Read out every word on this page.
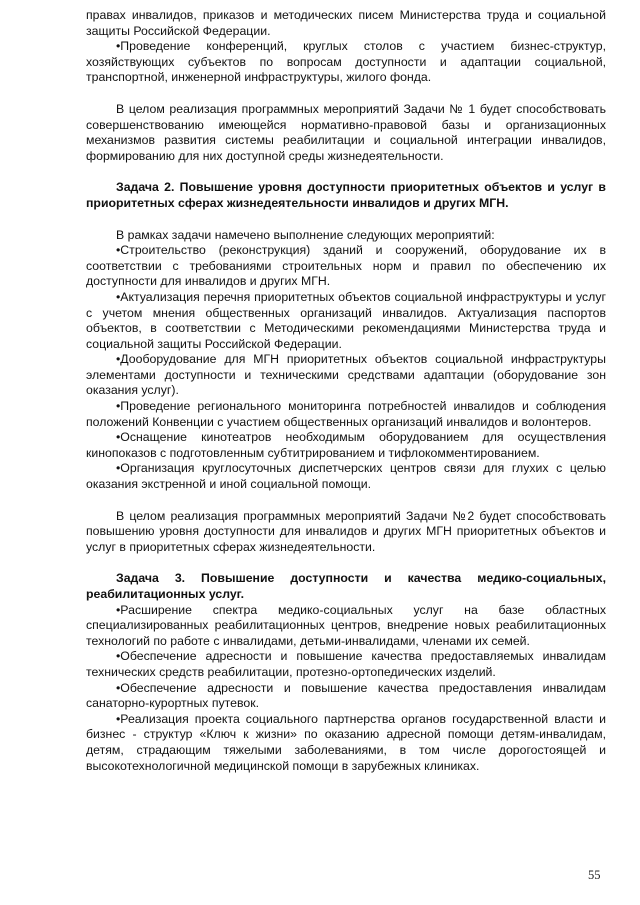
правах инвалидов, приказов и методических писем Министерства труда и социальной защиты Российской Федерации.

•Проведение конференций, круглых столов с участием бизнес-структур, хозяйствующих субъектов по вопросам доступности и адаптации социальной, транспортной, инженерной инфраструктуры, жилого фонда.

В целом реализация программных мероприятий Задачи № 1 будет способствовать совершенствованию имеющейся нормативно-правовой базы и организационных механизмов развития системы реабилитации и социальной интеграции инвалидов, формированию для них доступной среды жизнедеятельности.

Задача 2. Повышение уровня доступности приоритетных объектов и услуг в приоритетных сферах жизнедеятельности инвалидов и других МГН.

В рамках задачи намечено выполнение следующих мероприятий:

•Строительство (реконструкция) зданий и сооружений, оборудование их в соответствии с требованиями строительных норм и правил по обеспечению их доступности для инвалидов и других МГН.

•Актуализация перечня приоритетных объектов социальной инфраструктуры и услуг с учетом мнения общественных организаций инвалидов. Актуализация паспортов объектов, в соответствии с Методическими рекомендациями Министерства труда и социальной защиты Российской Федерации.

•Дооборудование для МГН приоритетных объектов социальной инфраструктуры элементами доступности и техническими средствами адаптации (оборудование зон оказания услуг).

•Проведение регионального мониторинга потребностей инвалидов и соблюдения положений Конвенции с участием общественных организаций инвалидов и волонтеров.

•Оснащение кинотеатров необходимым оборудованием для осуществления кинопоказов с подготовленным субтитрированием и тифлокомментированием.

•Организация круглосуточных диспетчерских центров связи для глухих с целью оказания экстренной и иной социальной помощи.

В целом реализация программных мероприятий Задачи №2 будет способствовать повышению уровня доступности для инвалидов и других МГН приоритетных объектов и услуг в приоритетных сферах жизнедеятельности.

Задача 3. Повышение доступности и качества медико-социальных, реабилитационных услуг.

•Расширение спектра медико-социальных услуг на базе областных специализированных реабилитационных центров, внедрение новых реабилитационных технологий по работе с инвалидами, детьми-инвалидами, членами их семей.

•Обеспечение адресности и повышение качества предоставляемых инвалидам технических средств реабилитации, протезно-ортопедических изделий.

•Обеспечение адресности и повышение качества предоставления инвалидам санаторно-курортных путевок.

•Реализация проекта социального партнерства органов государственной власти и бизнес - структур «Ключ к жизни» по оказанию адресной помощи детям-инвалидам, детям, страдающим тяжелыми заболеваниями, в том числе дорогостоящей и высокотехнологичной медицинской помощи в зарубежных клиниках.

55
